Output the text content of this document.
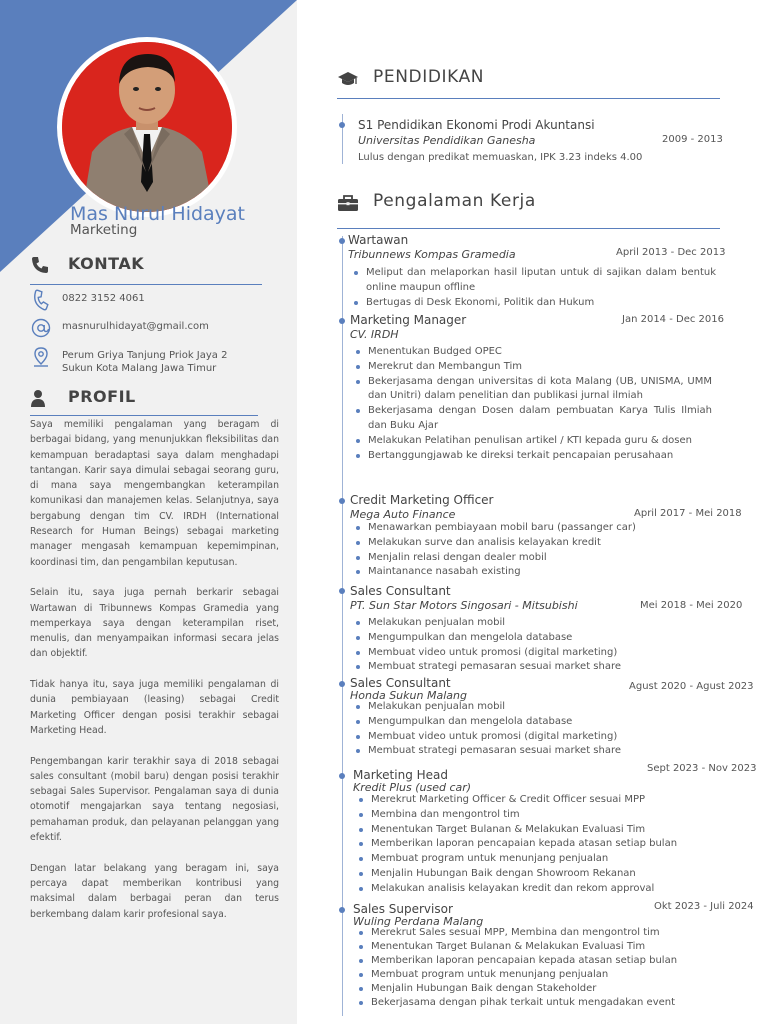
Mas Nurul Hidayat
Marketing
KONTAK
0822 3152 4061
masnurulhidayat@gmail.com
Perum Griya Tanjung Priok Jaya 2
Sukun Kota Malang Jawa Timur
PROFIL

Saya memiliki pengalaman yang beragam di berbagai bidang, yang menunjukkan fleksibilitas dan kemampuan beradaptasi saya dalam menghadapi tantangan. Karir saya dimulai sebagai seorang guru, di mana saya mengembangkan keterampilan komunikasi dan manajemen kelas. Selanjutnya, saya bergabung dengan tim CV. IRDH (International Research for Human Beings) sebagai marketing manager mengasah kemampuan kepemimpinan, koordinasi tim, dan pengambilan keputusan.

Selain itu, saya juga pernah berkarir sebagai Wartawan di Tribunnews Kompas Gramedia yang memperkaya saya dengan keterampilan riset, menulis, dan menyampaikan informasi secara jelas dan objektif.

Tidak hanya itu, saya juga memiliki pengalaman di dunia pembiayaan (leasing) sebagai Credit Marketing Officer dengan posisi terakhir sebagai Marketing Head.

Pengembangan karir terakhir saya di 2018 sebagai sales consultant (mobil baru) dengan posisi terakhir sebagai Sales Supervisor. Pengalaman saya di dunia otomotif mengajarkan saya tentang negosiasi, pemahaman produk, dan pelayanan pelanggan yang efektif.

Dengan latar belakang yang beragam ini, saya percaya dapat memberikan kontribusi yang maksimal dalam berbagai peran dan terus berkembang dalam karir profesional saya.

PENDIDIKAN
S1 Pendidikan Ekonomi Prodi Akuntansi
Universitas Pendidikan Ganesha	2009 - 2013
Lulus dengan predikat memuaskan, IPK 3.23 indeks 4.00
Pengalaman Kerja
Wartawan
Tribunnews Kompas Gramedia	April 2013 - Dec 2013
Meliput dan melaporkan hasil liputan untuk di sajikan dalam bentuk online maupun offline
Bertugas di Desk Ekonomi, Politik dan Hukum
Marketing Manager
CV. IRDH
Jan 2014 - Dec 2016
Menentukan Budged OPEC
Merekrut dan Membangun Tim
Bekerjasama dengan universitas di kota Malang (UB, UNISMA, UMM dan Unitri) dalam penelitian dan publikasi jurnal ilmiah
Bekerjasama dengan Dosen dalam pembuatan Karya Tulis Ilmiah dan Buku Ajar
Melakukan Pelatihan penulisan artikel / KTI kepada guru & dosen
Bertanggungjawab ke direksi terkait pencapaian perusahaan
Credit Marketing Officer
Mega Auto Finance	April 2017 - Mei 2018
Menawarkan pembiayaan mobil baru (passanger car)
Melakukan surve dan analisis kelayakan kredit
Menjalin relasi dengan dealer mobil
Maintanance nasabah existing
Sales Consultant
PT. Sun Star Motors Singosari - Mitsubishi	Mei 2018 - Mei 2020
Melakukan penjualan mobil
Mengumpulkan dan mengelola database
Membuat video untuk promosi (digital marketing)
Membuat strategi pemasaran sesuai market share
Sales Consultant
Honda Sukun Malang
Agust 2020 - Agust 2023
Melakukan penjualan mobil
Mengumpulkan dan mengelola database
Membuat video untuk promosi (digital marketing)
Membuat strategi pemasaran sesuai market share
Marketing Head
Kredit Plus (used car)
Sept 2023 - Nov 2023
Merekrut Marketing Officer & Credit Officer sesuai MPP
Membina dan mengontrol tim
Menentukan Target Bulanan & Melakukan Evaluasi Tim
Memberikan laporan pencapaian kepada atasan setiap bulan
Membuat program untuk menunjang penjualan
Menjalin Hubungan Baik dengan Showroom Rekanan
Melakukan analisis kelayakan kredit dan rekom approval
Sales Supervisor
Wuling Perdana Malang
Okt 2023 - Juli 2024
Merekrut Sales sesuai MPP, Membina dan mengontrol tim
Menentukan Target Bulanan & Melakukan Evaluasi Tim
Memberikan laporan pencapaian kepada atasan setiap bulan
Membuat program untuk menunjang penjualan
Menjalin Hubungan Baik dengan Stakeholder
Bekerjasama dengan pihak terkait untuk mengadakan event
